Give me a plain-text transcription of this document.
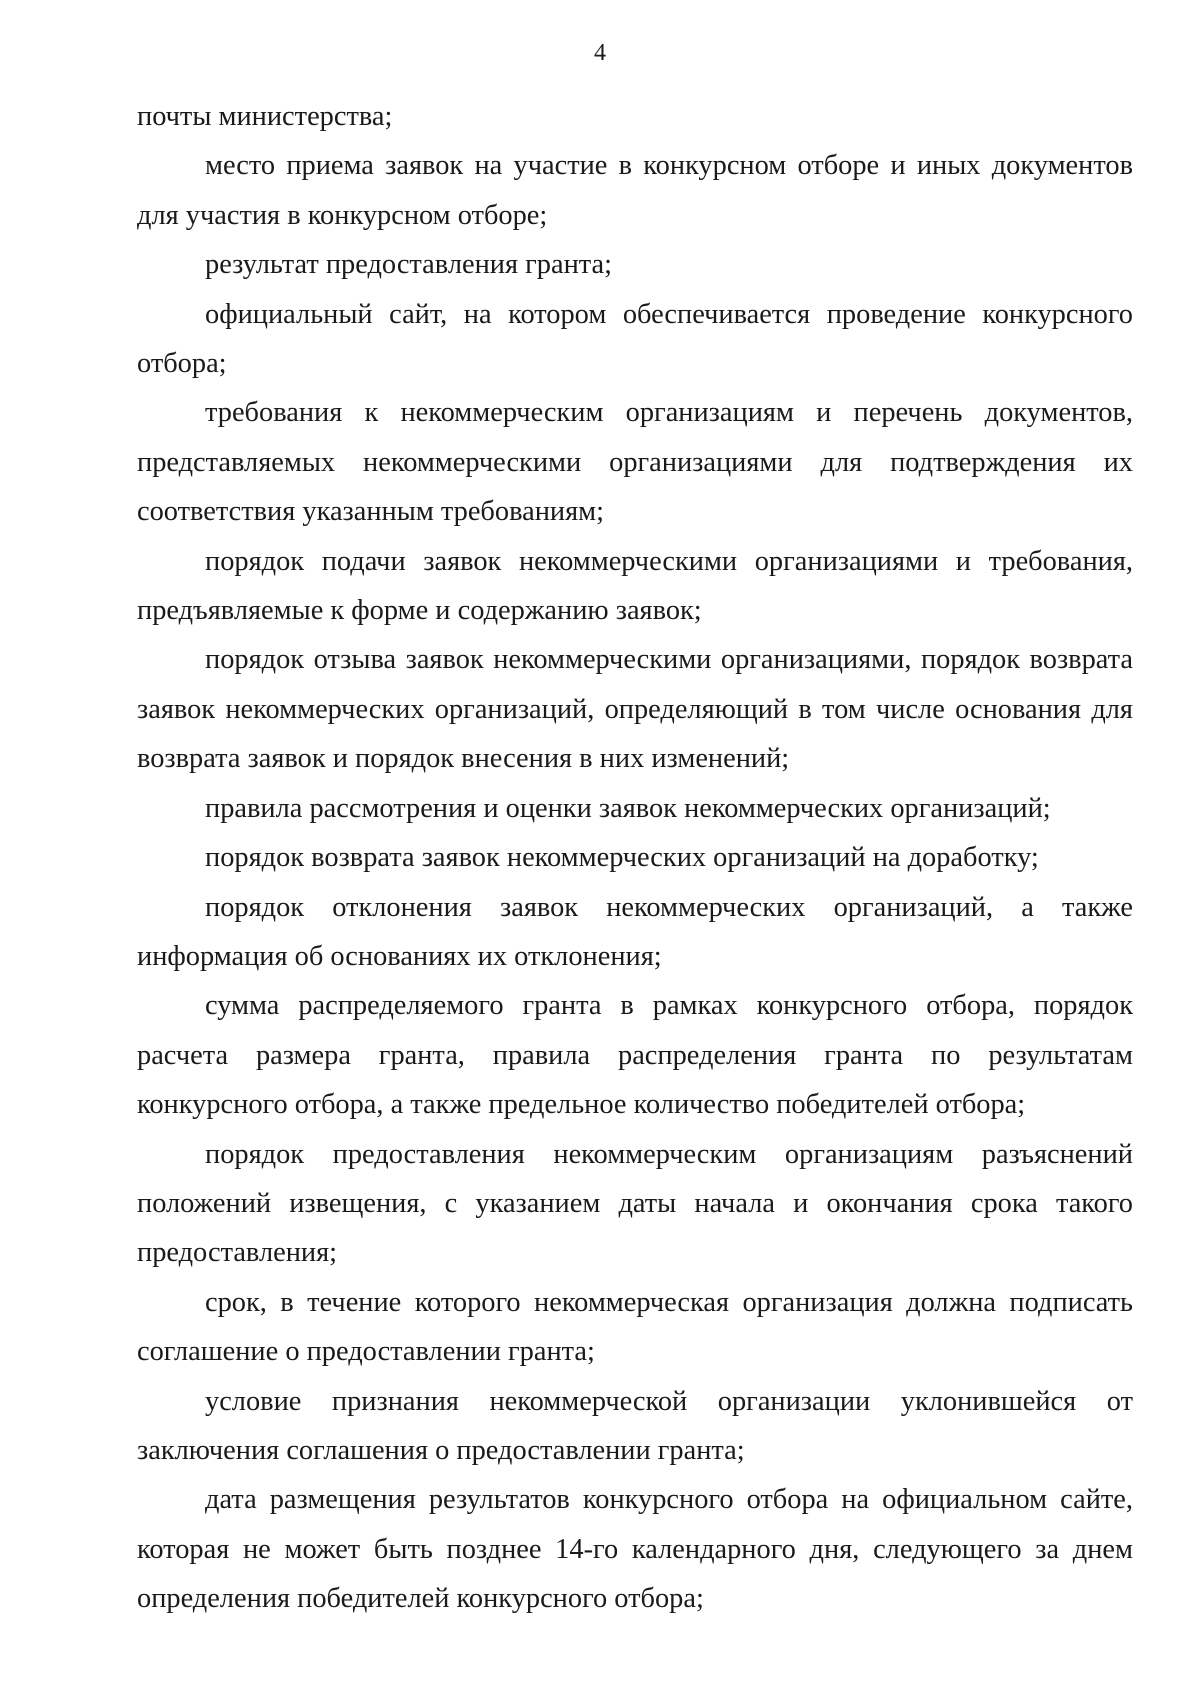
4

почты министерства;

место приема заявок на участие в конкурсном отборе и иных документов для участия в конкурсном отборе;

результат предоставления гранта;

официальный сайт, на котором обеспечивается проведение конкурсного отбора;

требования к некоммерческим организациям и перечень документов, представляемых некоммерческими организациями для подтверждения их соответствия указанным требованиям;

порядок подачи заявок некоммерческими организациями и требования, предъявляемые к форме и содержанию заявок;

порядок отзыва заявок некоммерческими организациями, порядок возврата заявок некоммерческих организаций, определяющий в том числе основания для возврата заявок и порядок внесения в них изменений;

правила рассмотрения и оценки заявок некоммерческих организаций;

порядок возврата заявок некоммерческих организаций на доработку;

порядок отклонения заявок некоммерческих организаций, а также информация об основаниях их отклонения;

сумма распределяемого гранта в рамках конкурсного отбора, порядок расчета размера гранта, правила распределения гранта по результатам конкурсного отбора, а также предельное количество победителей отбора;

порядок предоставления некоммерческим организациям разъяснений положений извещения, с указанием даты начала и окончания срока такого предоставления;

срок, в течение которого некоммерческая организация должна подписать соглашение о предоставлении гранта;

условие признания некоммерческой организации уклонившейся от заключения соглашения о предоставлении гранта;

дата размещения результатов конкурсного отбора на официальном сайте, которая не может быть позднее 14-го календарного дня, следующего за днем определения победителей конкурсного отбора;
